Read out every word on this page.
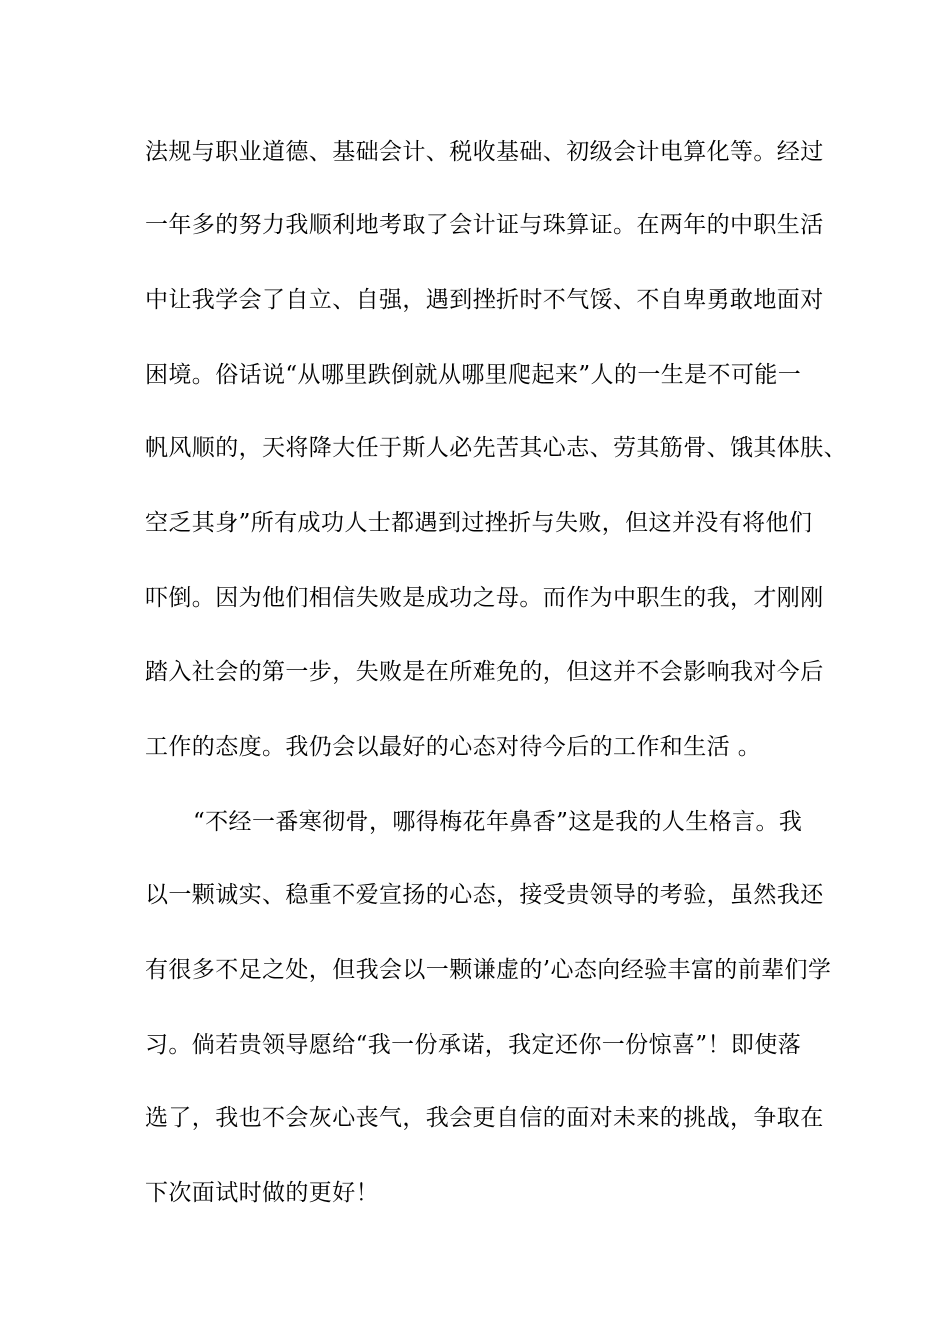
法规与职业道德、基础会计、税收基础、初级会计电算化等。经过
一年多的努力我顺利地考取了会计证与珠算证。在两年的中职生活
中让我学会了自立、自强，遇到挫折时不气馁、不自卑勇敢地面对
困境。俗话说“从哪里跌倒就从哪里爬起来”人的一生是不可能一
帆风顺的，天将降大任于斯人必先苦其心志、劳其筋骨、饿其体肤、
空乏其身”所有成功人士都遇到过挫折与失败，但这并没有将他们
吓倒。因为他们相信失败是成功之母。而作为中职生的我，才刚刚
踏入社会的第一步，失败是在所难免的，但这并不会影响我对今后
工作的态度。我仍会以最好的心态对待今后的工作和生活 。
“不经一番寒彻骨，哪得梅花年鼻香”这是我的人生格言。我
以一颗诚实、稳重不爱宣扬的心态，接受贵领导的考验，虽然我还
有很多不足之处，但我会以一颗谦虚的’心态向经验丰富的前辈们学
习。倘若贵领导愿给“我一份承诺，我定还你一份惊喜”！即使落
选了，我也不会灰心丧气，我会更自信的面对未来的挑战，争取在
下次面试时做的更好！
